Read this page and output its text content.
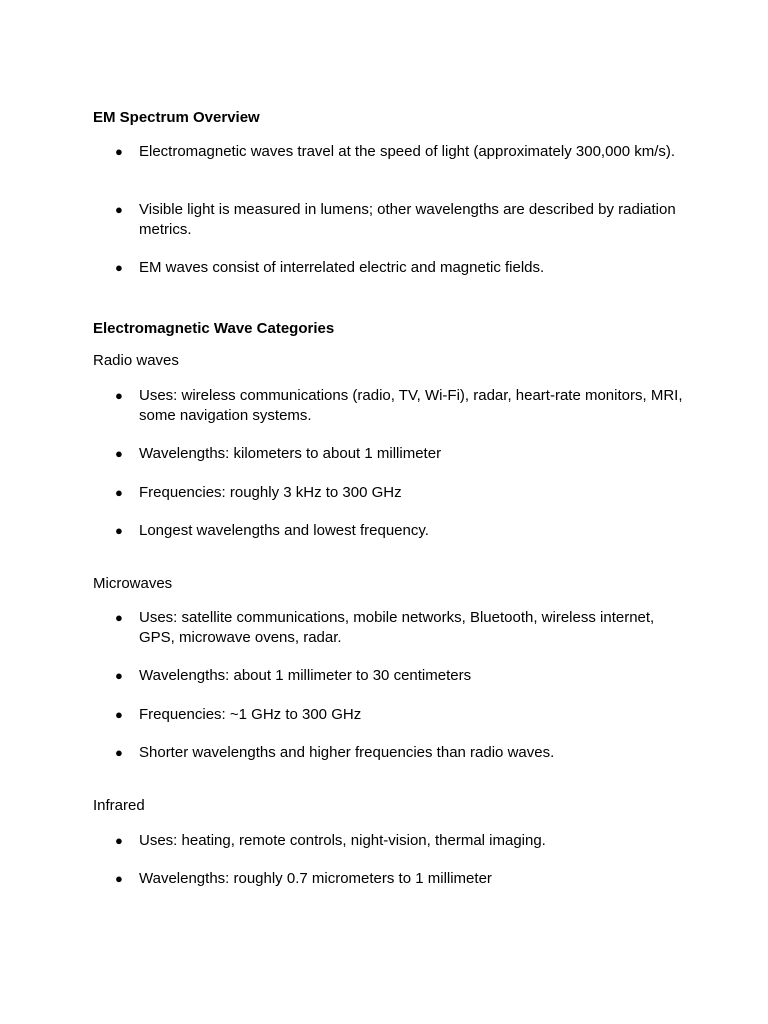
EM Spectrum Overview
●	Electromagnetic waves travel at the speed of light (approximately 300,000 km/s).
●	Visible light is measured in lumens; other wavelengths are described by radiation metrics.
●	EM waves consist of interrelated electric and magnetic fields.
Electromagnetic Wave Categories

Radio waves

●	Uses: wireless communications (radio, TV, Wi-Fi), radar, heart-rate monitors, MRI, some navigation systems.
●	Wavelengths: kilometers to about 1 millimeter
●	Frequencies: roughly 3 kHz to 300 GHz
●	Longest wavelengths and lowest frequency.

Microwaves

●	Uses: satellite communications, mobile networks, Bluetooth, wireless internet, GPS, microwave ovens, radar.
●	Wavelengths: about 1 millimeter to 30 centimeters
●	Frequencies: ~1 GHz to 300 GHz
●	Shorter wavelengths and higher frequencies than radio waves.

Infrared

●	Uses: heating, remote controls, night-vision, thermal imaging.
●	Wavelengths: roughly 0.7 micrometers to 1 millimeter
